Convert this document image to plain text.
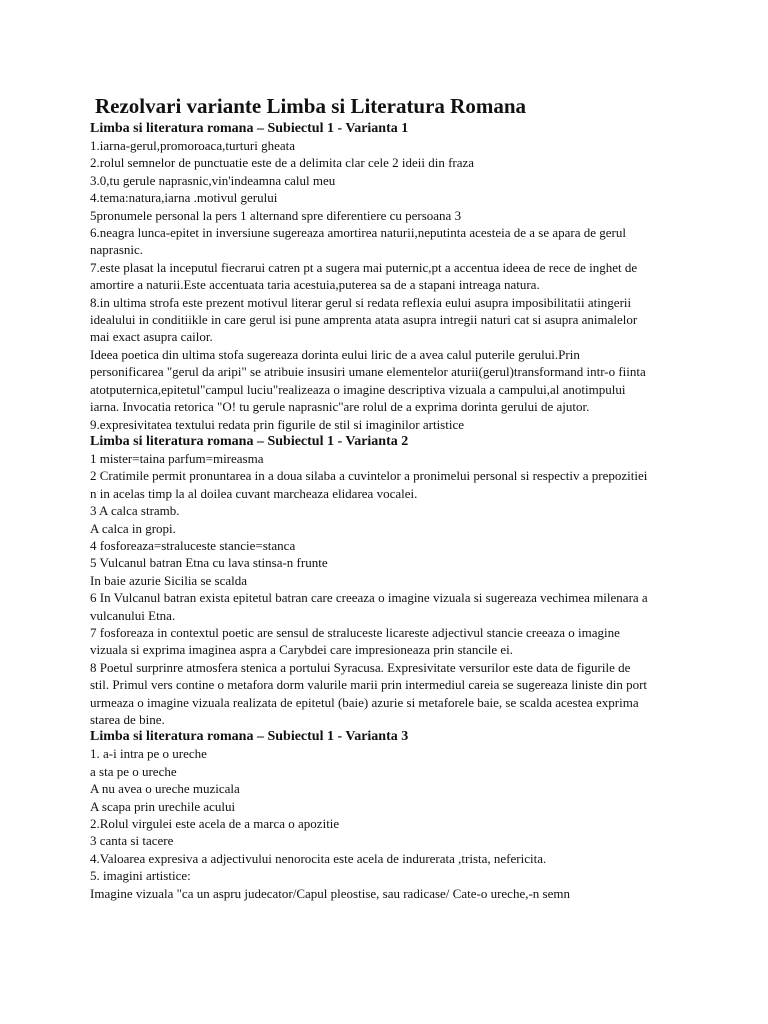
Rezolvari variante Limba si Literatura Romana

Limba si literatura romana – Subiectul 1 - Varianta 1

1.iarna-gerul,promoroaca,turturi gheata

2.rolul semnelor de punctuatie este de a delimita clar cele 2 ideii din fraza

3.0,tu gerule naprasnic,vin'indeamna calul meu

4.tema:natura,iarna .motivul gerului

5pronumele personal la pers 1 alternand spre diferentiere cu persoana 3

6.neagra lunca-epitet in inversiune sugereaza amortirea naturii,neputinta acesteia de a se apara de gerul naprasnic.

7.este plasat la inceputul fiecrarui catren pt a sugera mai puternic,pt a accentua ideea de rece de inghet de amortire a naturii.Este accentuata taria acestuia,puterea sa de a stapani intreaga natura.

8.in ultima strofa este prezent motivul literar gerul si redata reflexia eului asupra imposibilitatii atingerii idealului in conditiikle in care gerul isi pune amprenta atata asupra intregii naturi cat si asupra animalelor mai exact asupra cailor.

Ideea poetica din ultima stofa sugereaza dorinta eului liric de a avea calul puterile gerului.Prin personificarea "gerul da aripi" se atribuie insusiri umane elementelor aturii(gerul)transformand intr-o fiinta atotputernica,epitetul"campul luciu"realizeaza o imagine descriptiva vizuala a campului,al anotimpului iarna. Invocatia retorica "O! tu gerule naprasnic"are rolul de a exprima dorinta gerului de ajutor.

9.expresivitatea textului redata prin figurile de stil si imaginilor artistice

Limba si literatura romana – Subiectul 1 - Varianta 2

1 mister=taina parfum=mireasma

2 Cratimile permit pronuntarea in a doua silaba a cuvintelor a pronimelui personal si respectiv a prepozitiei n in acelas timp la al doilea cuvant marcheaza elidarea vocalei.

3 A calca stramb.

A calca in gropi.

4 fosforeaza=straluceste stancie=stanca

5 Vulcanul batran Etna cu lava stinsa-n frunte

In baie azurie Sicilia se scalda

6 In Vulcanul batran exista epitetul batran care creeaza o imagine vizuala si sugereaza vechimea milenara a vulcanului Etna.

7 fosforeaza in contextul poetic are sensul de straluceste licareste adjectivul stancie creeaza o imagine vizuala si exprima imaginea aspra a Carybdei care impresioneaza prin stancile ei.

8 Poetul surprinre atmosfera stenica a portului Syracusa. Expresivitate versurilor este data de figurile de stil. Primul vers contine o metafora dorm valurile marii prin intermediul careia se sugereaza liniste din port urmeaza o imagine vizuala realizata de epitetul (baie) azurie si metaforele baie, se scalda acestea exprima starea de bine.

Limba si literatura romana – Subiectul 1 - Varianta 3

1. a-i intra pe o ureche

a sta pe o ureche

A nu avea o ureche muzicala

A scapa prin urechile acului

2.Rolul virgulei este acela de a marca o apozitie

3 canta si tacere

4.Valoarea expresiva a adjectivului nenorocita este acela de indurerata ,trista, nefericita.

5. imagini artistice:

Imagine vizuala "ca un aspru judecator/Capul pleostise, sau radicase/ Cate-o ureche,-n semn
